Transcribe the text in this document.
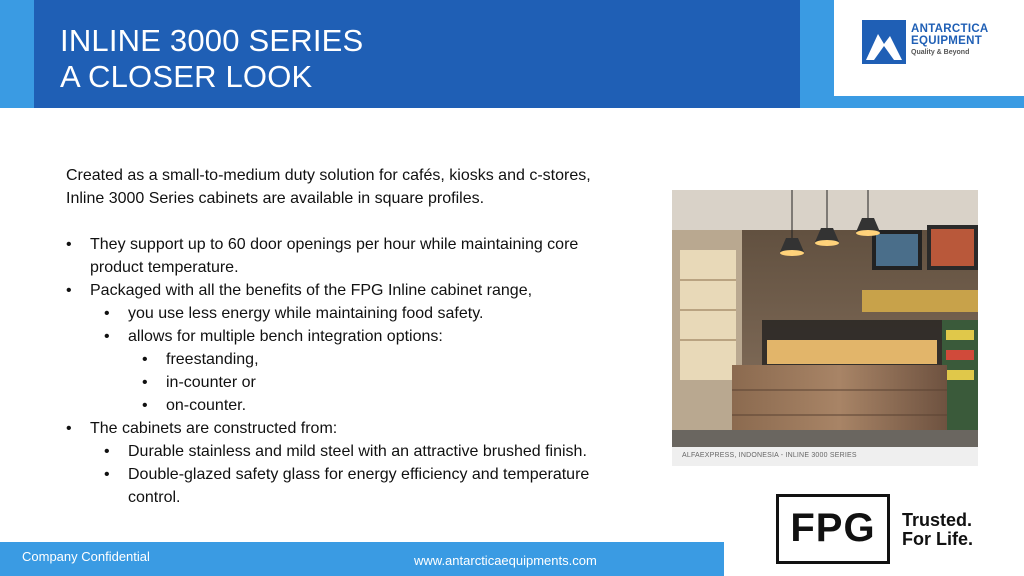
INLINE 3000 SERIES
A CLOSER LOOK
ANTARCTICA
EQUIPMENT
Quality & Beyond

Created as a small-to-medium duty solution for cafés, kiosks and c-stores, Inline 3000 Series cabinets are available in square profiles.

• They support up to 60 door openings per hour while maintaining core product temperature.
• Packaged with all the benefits of the FPG Inline cabinet range,
• you use less energy while maintaining food safety.
• allows for multiple bench integration options:
• freestanding,
• in-counter or
• on-counter.
• The cabinets are constructed from:
• Durable stainless and mild steel with an attractive brushed finish.
• Double-glazed safety glass for energy efficiency and temperature control.
ALFAEXPRESS, INDONESIA - INLINE 3000 SERIES
FPG	Trusted.
For Life.
Company Confidential	www.antarcticaequipments.com
